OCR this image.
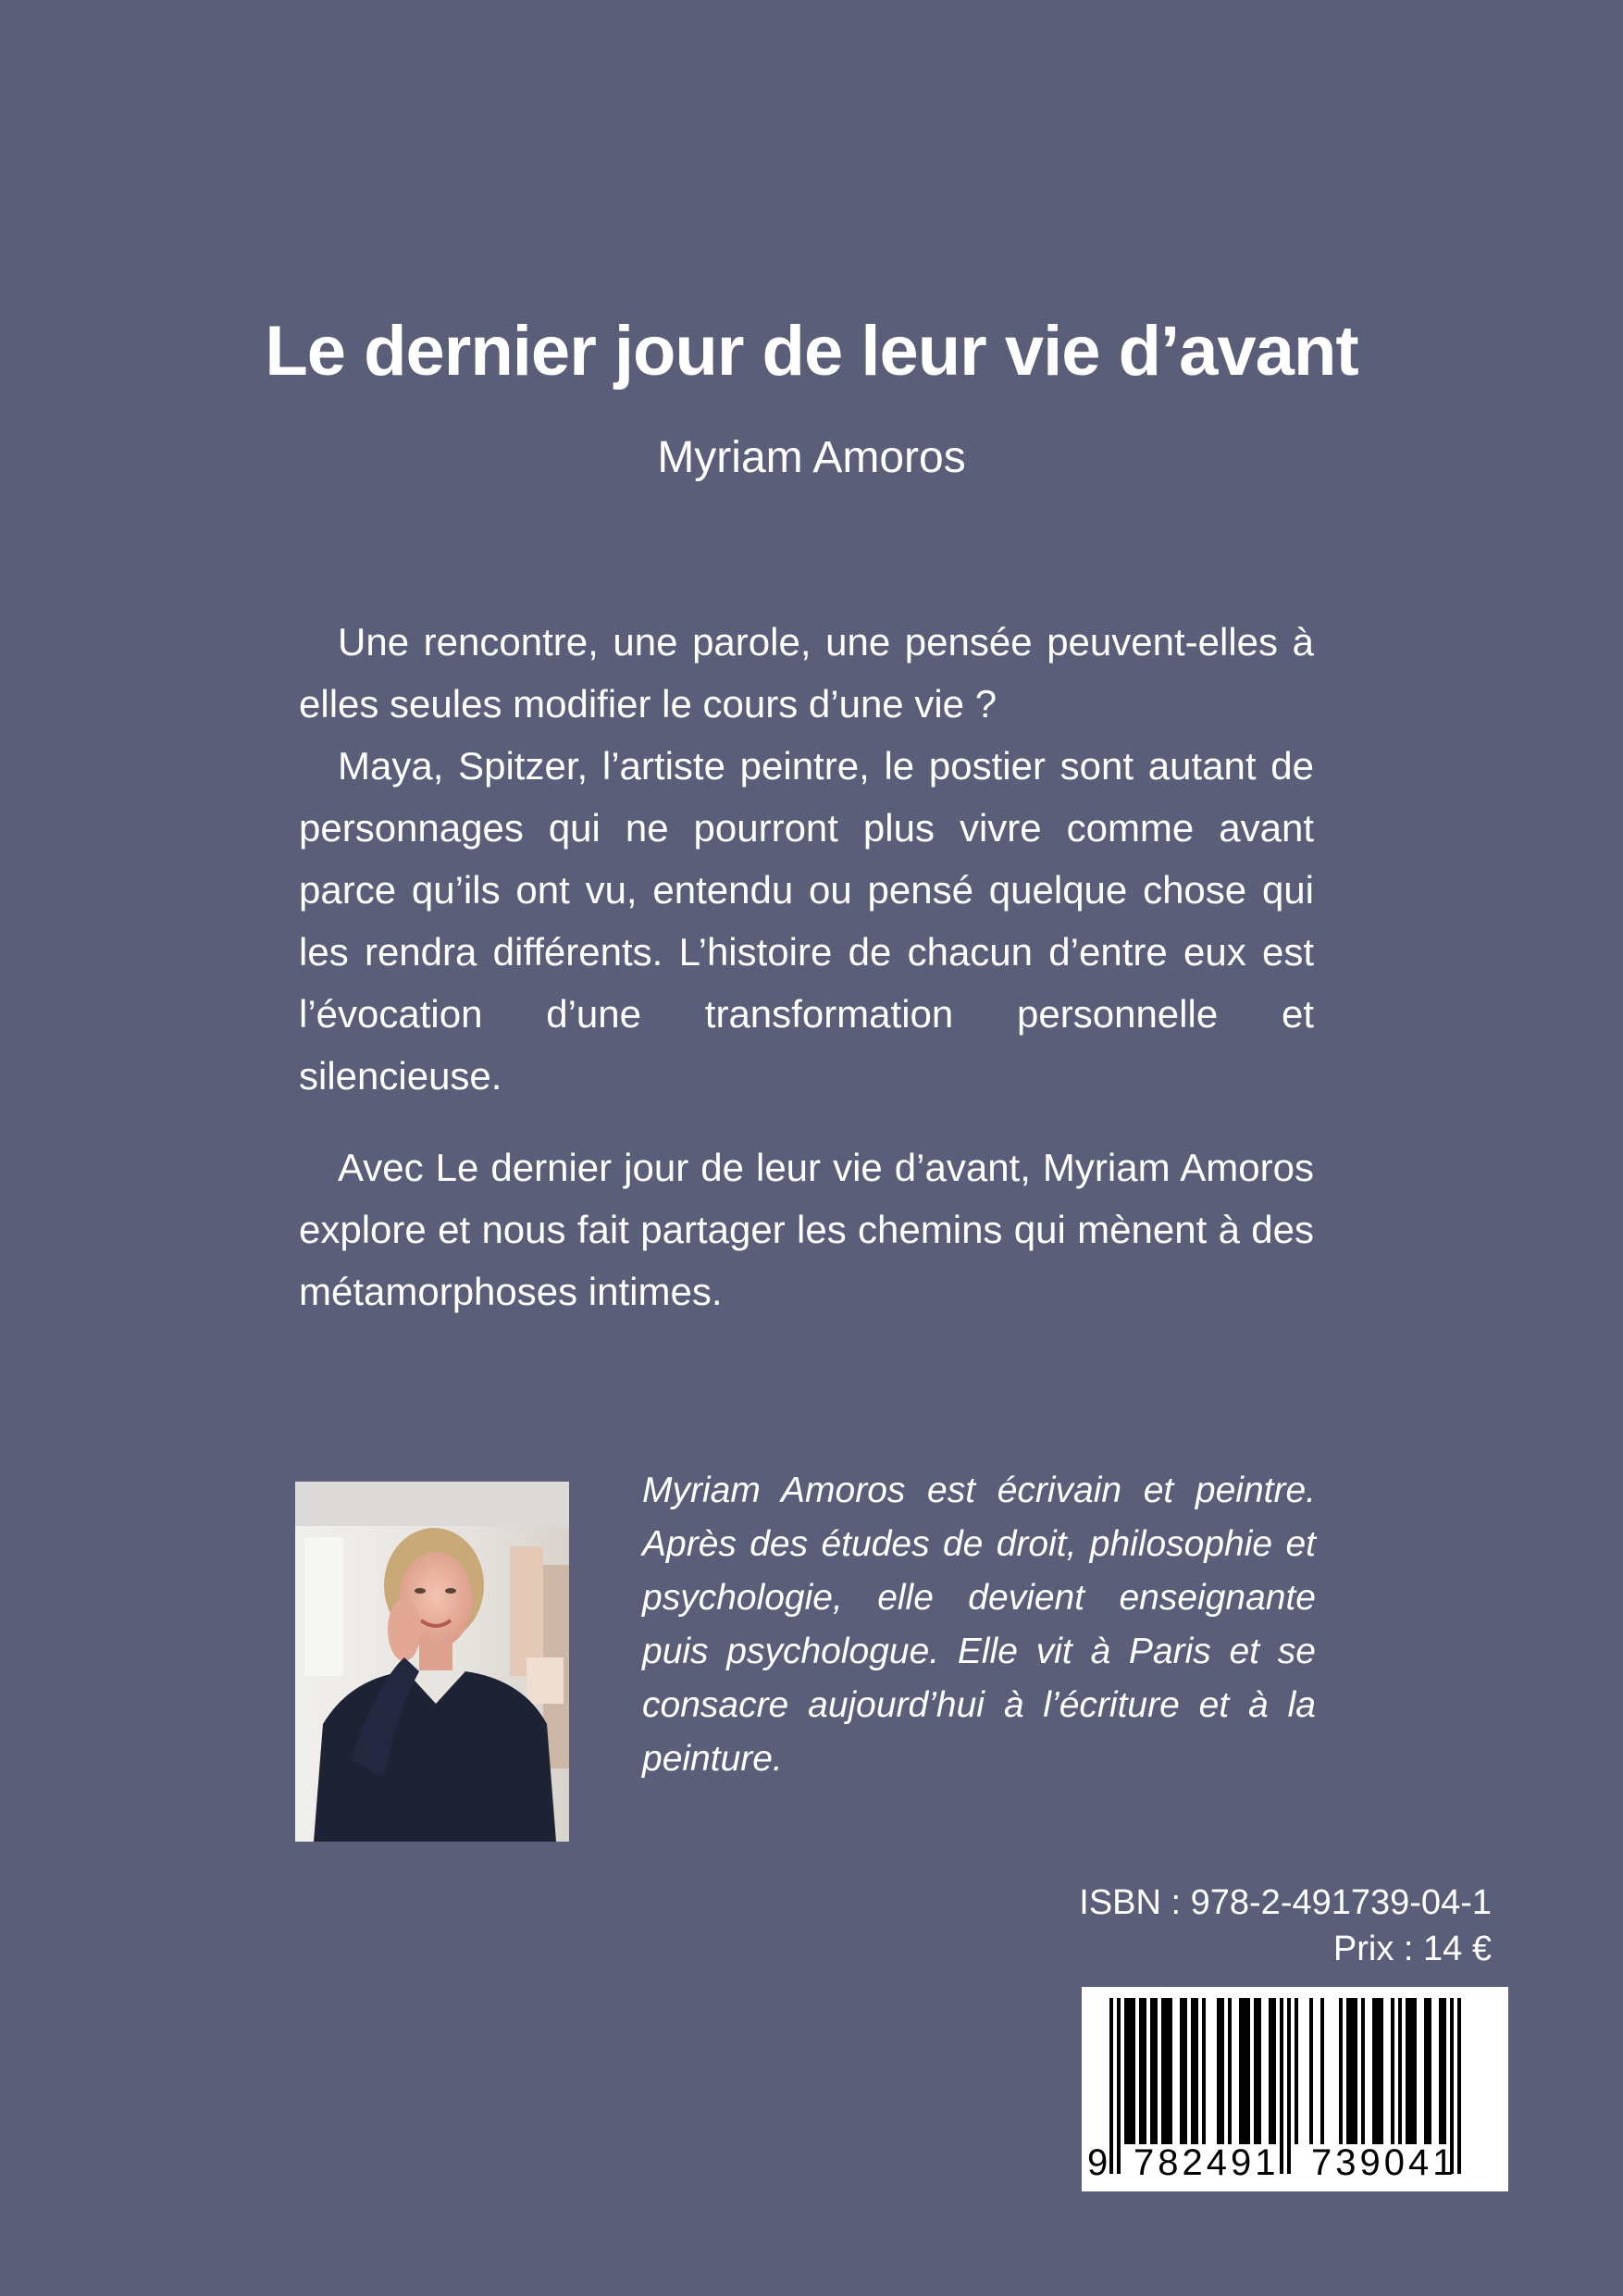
Le dernier jour de leur vie d’avant
Myriam Amoros

Une rencontre, une parole, une pensée peuvent-elles à elles seules modifier le cours d’une vie ?

Maya, Spitzer, l’artiste peintre, le postier sont autant de personnages qui ne pourront plus vivre comme avant parce qu’ils ont vu, entendu ou pensé quelque chose qui les rendra différents. L’histoire de chacun d’entre eux est l’évocation d’une transformation personnelle et silencieuse.

Avec Le dernier jour de leur vie d’avant, Myriam Amoros explore et nous fait partager les chemins qui mènent à des métamorphoses intimes.

Myriam Amoros est écrivain et peintre. Après des études de droit, philosophie et psychologie, elle devient enseignante puis psychologue. Elle vit à Paris et se consacre aujourd’hui à l’écriture et à la peinture.
ISBN : 978-2-491739-04-1
Prix : 14 €
9 782491 739041
